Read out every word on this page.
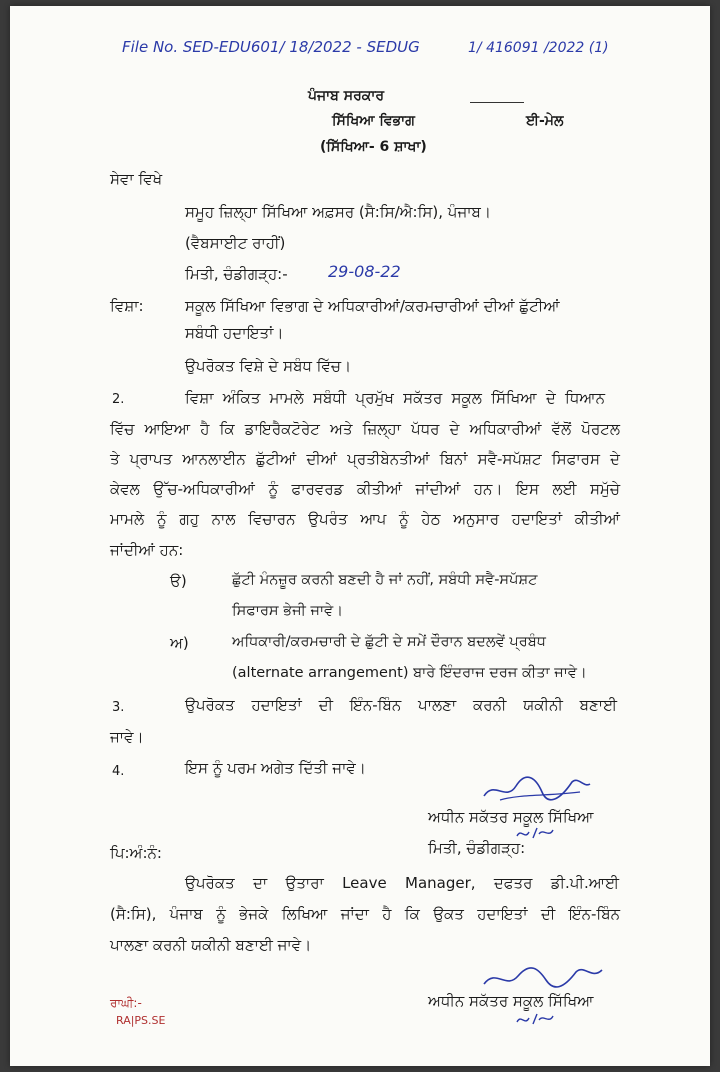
File No. SED-EDU601/ 18/2022 - SEDUG	1/ 416091 /2022 (1)
ਪੰਜਾਬ ਸਰਕਾਰ
ਸਿੱਖਿਆ ਵਿਭਾਗ	ਈ-ਮੇਲ
(ਸਿੱਖਿਆ- 6 ਸ਼ਾਖਾ)
ਸੇਵਾ ਵਿਖੇ
ਸਮੂਹ ਜ਼ਿਲ੍ਹਾ ਸਿੱਖਿਆ ਅਫ਼ਸਰ (ਸੈ:ਸਿ/ਐ:ਸਿ), ਪੰਜਾਬ।
(ਵੈਬਸਾਈਟ ਰਾਹੀਂ)
ਮਿਤੀ, ਚੰਡੀਗੜ੍ਹ:-	29-08-22
ਵਿਸ਼ਾ:	ਸਕੂਲ ਸਿੱਖਿਆ ਵਿਭਾਗ ਦੇ ਅਧਿਕਾਰੀਆਂ/ਕਰਮਚਾਰੀਆਂ ਦੀਆਂ ਛੁੱਟੀਆਂ
ਸਬੰਧੀ ਹਦਾਇਤਾਂ।
ਉਪਰੋਕਤ ਵਿਸ਼ੇ ਦੇ ਸਬੰਧ ਵਿੱਚ।
2.	ਵਿਸ਼ਾ ਅੰਕਿਤ ਮਾਮਲੇ ਸਬੰਧੀ ਪ੍ਰਮੁੱਖ ਸਕੱਤਰ ਸਕੂਲ ਸਿੱਖਿਆ ਦੇ ਧਿਆਨ
ਵਿੱਚ ਆਇਆ ਹੈ ਕਿ ਡਾਇਰੈਕਟੋਰੇਟ ਅਤੇ ਜ਼ਿਲ੍ਹਾ ਪੱਧਰ ਦੇ ਅਧਿਕਾਰੀਆਂ ਵੱਲੋਂ ਪੋਰਟਲ
ਤੇ ਪ੍ਰਾਪਤ ਆਨਲਾਈਨ ਛੁੱਟੀਆਂ ਦੀਆਂ ਪ੍ਰਤੀਬੇਨਤੀਆਂ ਬਿਨਾਂ ਸਵੈ-ਸਪੱਸ਼ਟ ਸਿਫਾਰਸ ਦੇ
ਕੇਵਲ ਉੱਚ-ਅਧਿਕਾਰੀਆਂ ਨੂੰ ਫਾਰਵਰਡ ਕੀਤੀਆਂ ਜਾਂਦੀਆਂ ਹਨ। ਇਸ ਲਈ ਸਮੁੱਚੇ
ਮਾਮਲੇ ਨੂੰ ਗਹੁ ਨਾਲ ਵਿਚਾਰਨ ਉਪਰੰਤ ਆਪ ਨੂੰ ਹੇਠ ਅਨੁਸਾਰ ਹਦਾਇਤਾਂ ਕੀਤੀਆਂ
ਜਾਂਦੀਆਂ ਹਨ:
ੳ)	ਛੁੱਟੀ ਮੰਨਜ਼ੂਰ ਕਰਨੀ ਬਣਦੀ ਹੈ ਜਾਂ ਨਹੀਂ, ਸਬੰਧੀ ਸਵੈ-ਸਪੱਸ਼ਟ
ਸਿਫਾਰਸ ਭੇਜੀ ਜਾਵੇ।
ਅ)	ਅਧਿਕਾਰੀ/ਕਰਮਚਾਰੀ ਦੇ ਛੁੱਟੀ ਦੇ ਸਮੇਂ ਦੌਰਾਨ ਬਦਲਵੇਂ ਪ੍ਰਬੰਧ
(alternate arrangement) ਬਾਰੇ ਇੰਦਰਾਜ ਦਰਜ ਕੀਤਾ ਜਾਵੇ।
3.	ਉਪਰੋਕਤ ਹਦਾਇਤਾਂ ਦੀ ਇੰਨ-ਬਿੰਨ ਪਾਲਣਾ ਕਰਨੀ ਯਕੀਨੀ ਬਣਾਈ
ਜਾਵੇ।
4.	ਇਸ ਨੂੰ ਪਰਮ ਅਗੇਤ ਦਿੱਤੀ ਜਾਵੇ।
ਅਧੀਨ ਸਕੱਤਰ ਸਕੂਲ ਸਿੱਖਿਆ
ਮਿਤੀ, ਚੰਡੀਗੜ੍ਹ:
ਪਿ:ਅੰ:ਨੰ:
ਉਪਰੋਕਤ ਦਾ ਉਤਾਰਾ Leave Manager, ਦਫਤਰ ਡੀ.ਪੀ.ਆਈ
(ਸੈ:ਸਿ), ਪੰਜਾਬ ਨੂੰ ਭੇਜਕੇ ਲਿਖਿਆ ਜਾਂਦਾ ਹੈ ਕਿ ਉਕਤ ਹਦਾਇਤਾਂ ਦੀ ਇੰਨ-ਬਿੰਨ
ਪਾਲਣਾ ਕਰਨੀ ਯਕੀਨੀ ਬਣਾਈ ਜਾਵੇ।
ਅਧੀਨ ਸਕੱਤਰ ਸਕੂਲ ਸਿੱਖਿਆ
ਰਾਘੀ:-
RA|PS.SE
